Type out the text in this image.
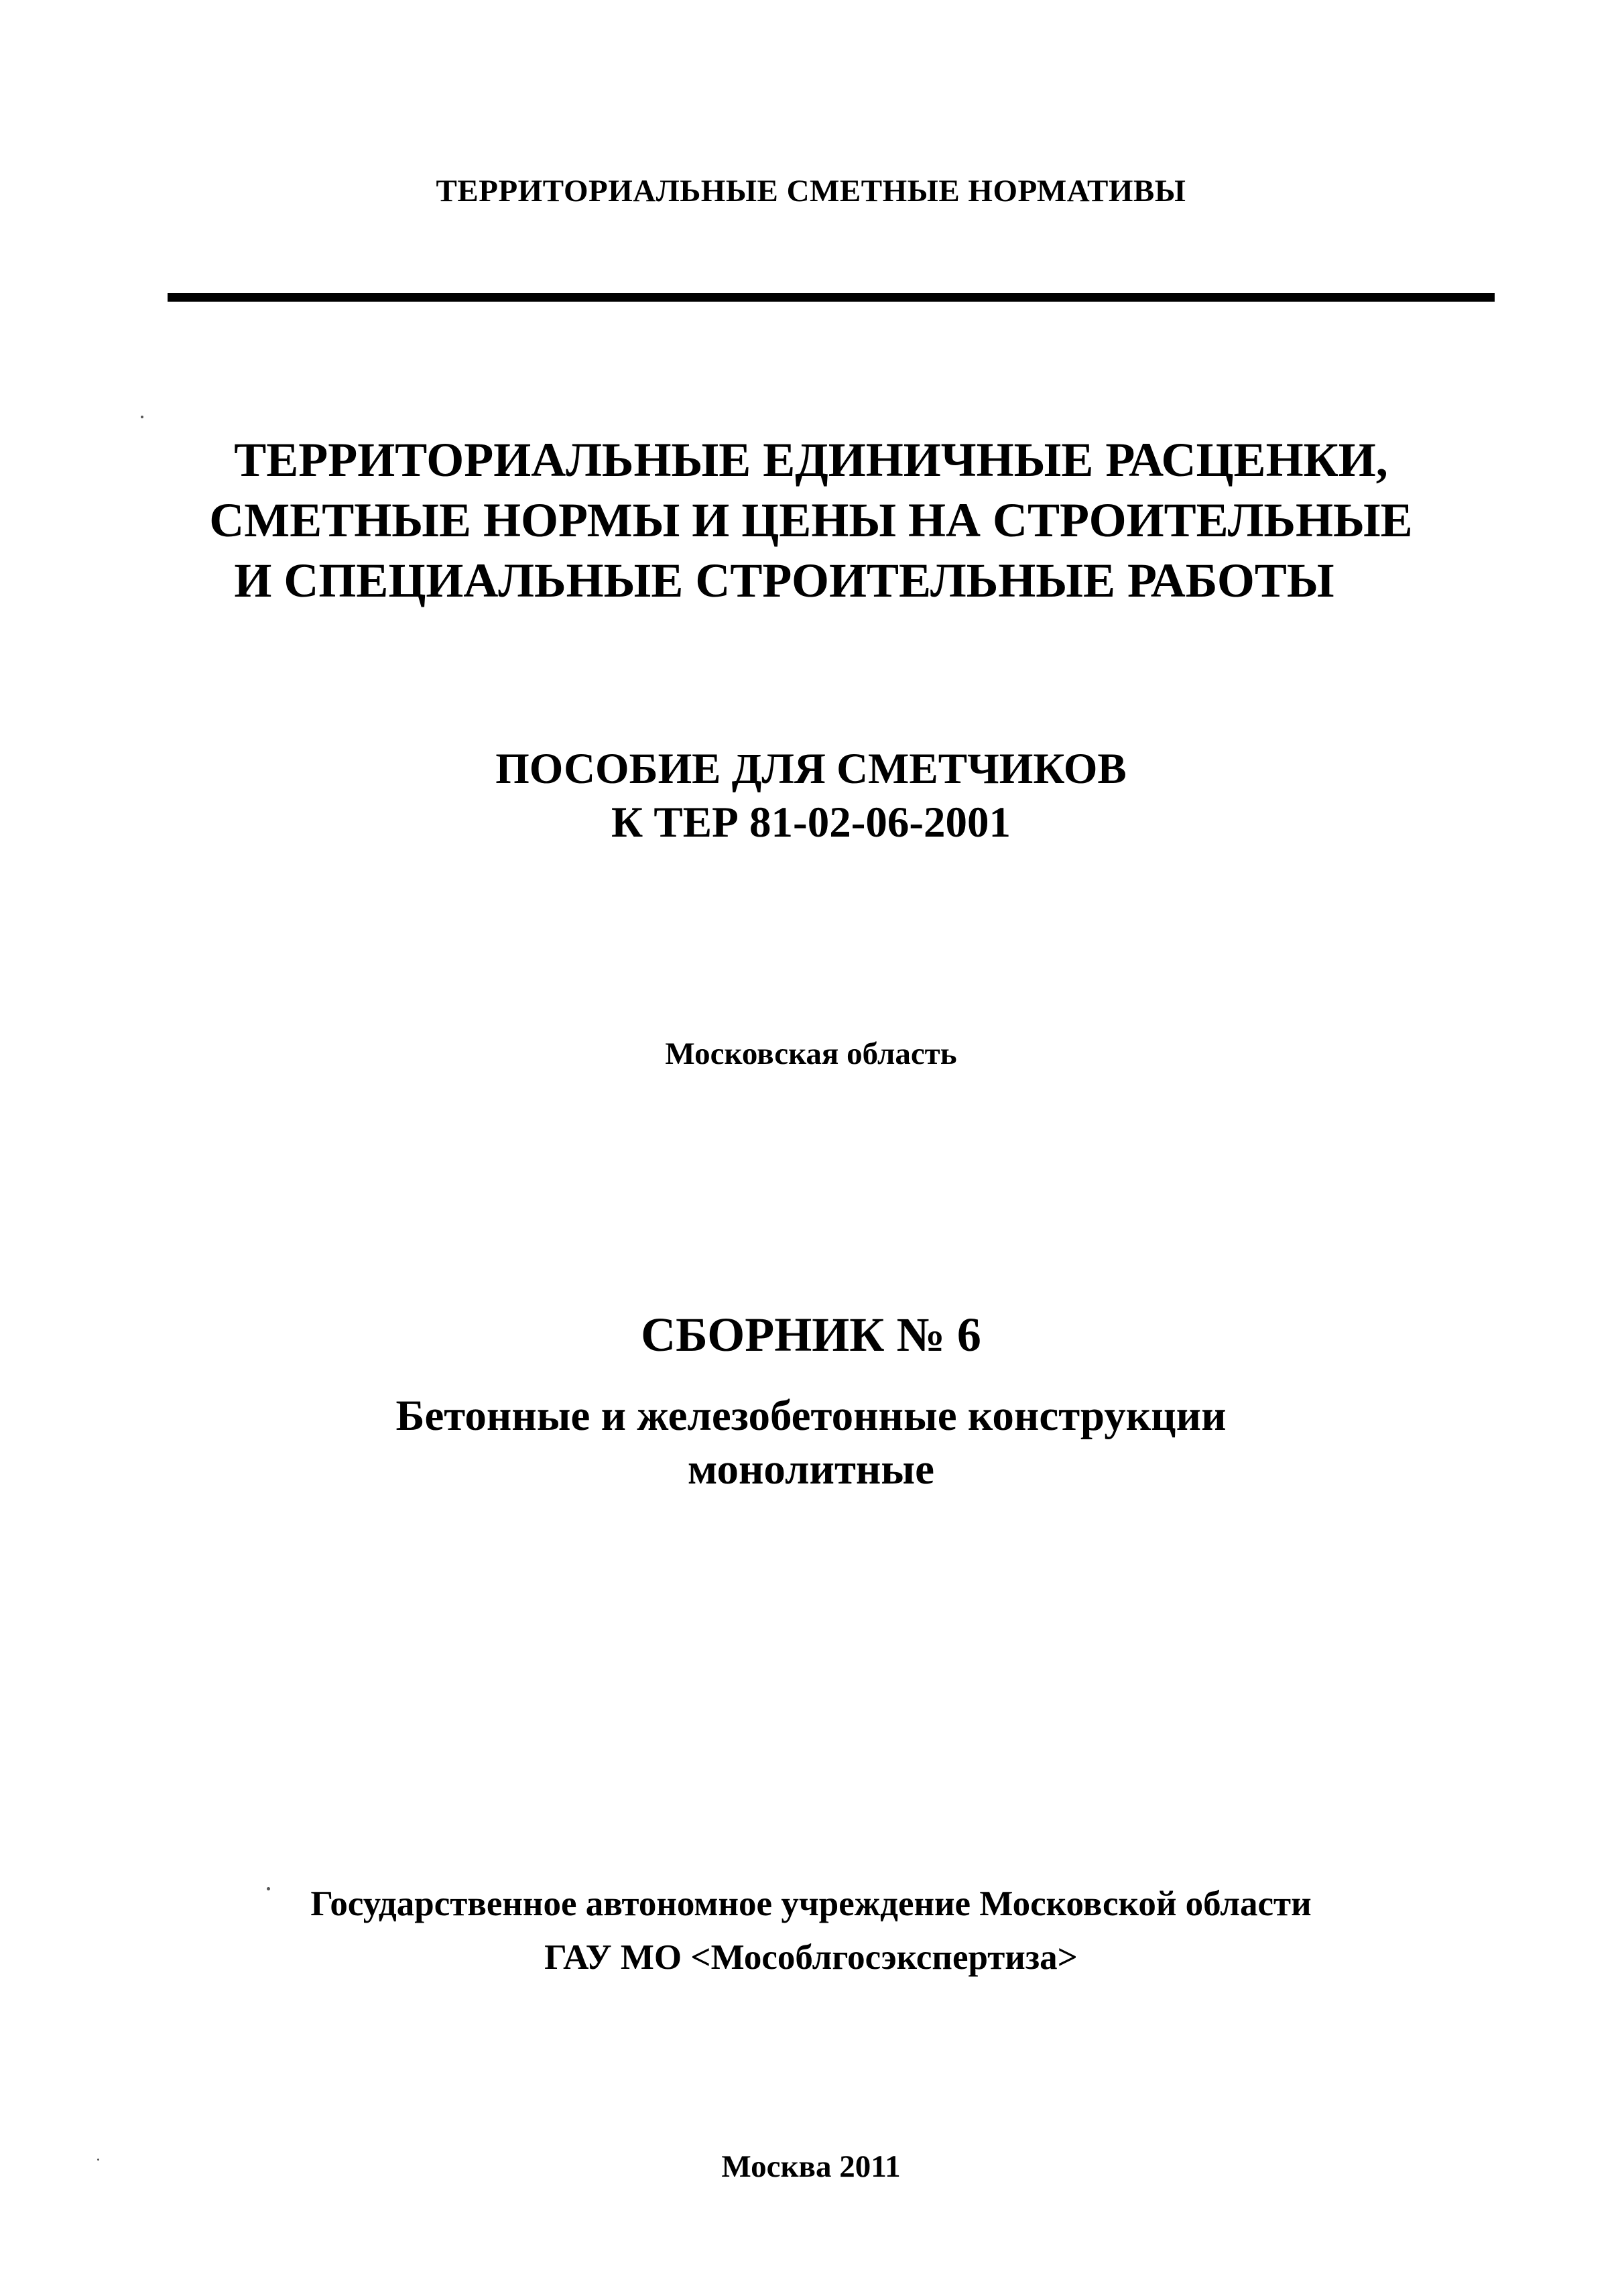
ТЕРРИТОРИАЛЬНЫЕ СМЕТНЫЕ НОРМАТИВЫ

ТЕРРИТОРИАЛЬНЫЕ ЕДИНИЧНЫЕ РАСЦЕНКИ,

СМЕТНЫЕ НОРМЫ И ЦЕНЫ НА СТРОИТЕЛЬНЫЕ

И СПЕЦИАЛЬНЫЕ СТРОИТЕЛЬНЫЕ РАБОТЫ

ПОСОБИЕ ДЛЯ СМЕТЧИКОВ

К ТЕР 81-02-06-2001

Московская область

СБОРНИК № 6

Бетонные и железобетонные конструкции

монолитные

Государственное автономное учреждение Московской области

ГАУ МО <Мособлгосэкспертиза>

Москва 2011
